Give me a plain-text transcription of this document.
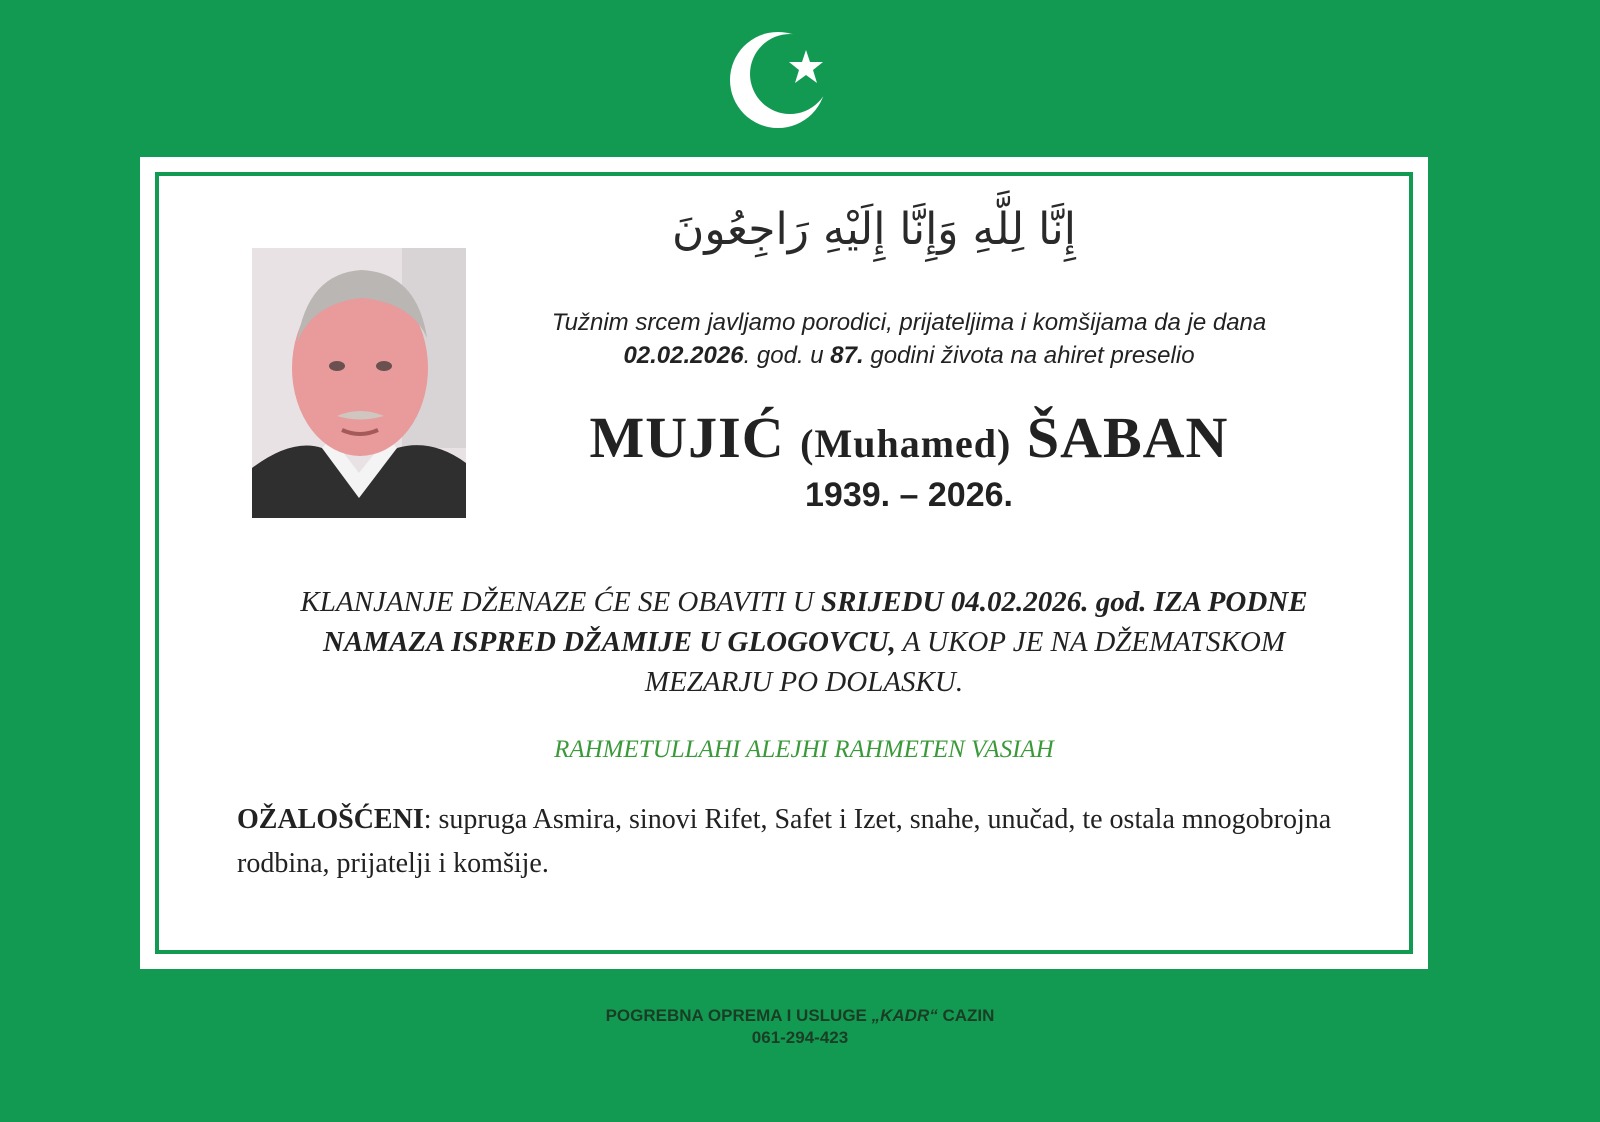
إِنَّا لِلَّهِ وَإِنَّا إِلَيْهِ رَاجِعُونَ
Tužnim srcem javljamo porodici, prijateljima i komšijama da je dana
02.02.2026. god. u 87. godini života na ahiret preselio
MUJIĆ (Muhamed) ŠABAN
1939. – 2026.
KLANJANJE DŽENAZE ĆE SE OBAVITI U SRIJEDU 04.02.2026. god. IZA PODNE NAMAZA ISPRED DŽAMIJE U GLOGOVCU, A UKOP JE NA DŽEMATSKOM MEZARJU PO DOLASKU.
RAHMETULLAHI ALEJHI RAHMETEN VASIAH
OŽALOŠĆENI: supruga Asmira, sinovi Rifet, Safet i Izet, snahe, unučad, te ostala mnogobrojna rodbina, prijatelji i komšije.
POGREBNA OPREMA I USLUGE „KADR“ CAZIN
061-294-423
